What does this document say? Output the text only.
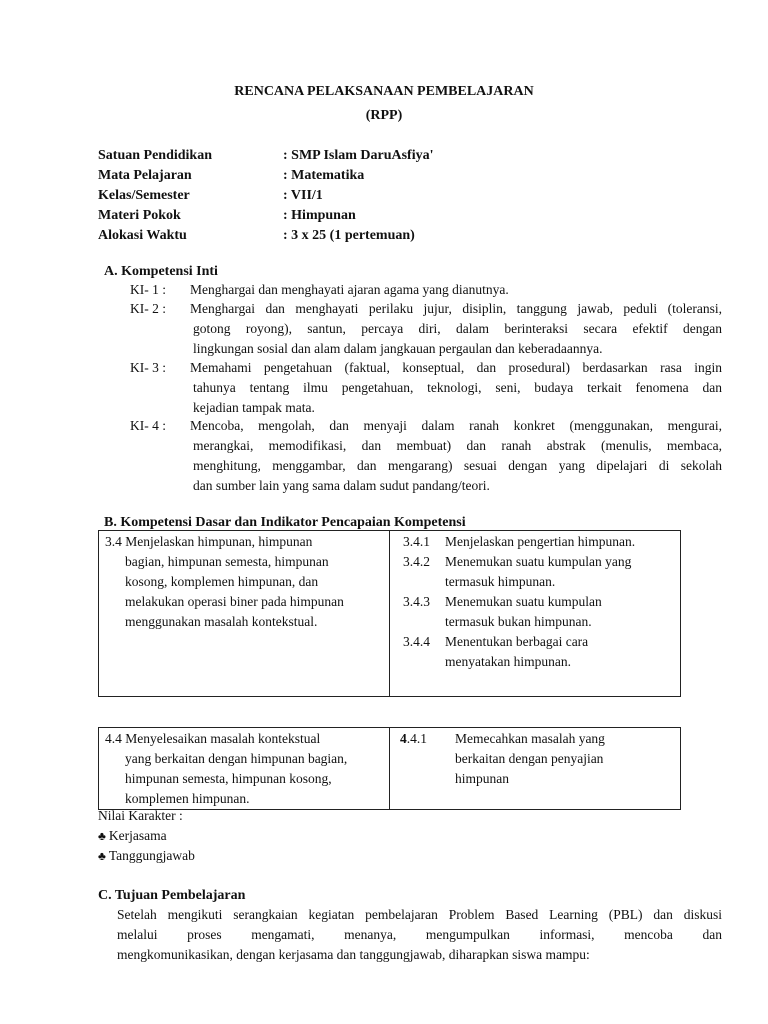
RENCANA PELAKSANAAN PEMBELAJARAN
(RPP)
Satuan Pendidikan	: SMP Islam DaruAsfiya'
Mata Pelajaran	: Matematika
Kelas/Semester	: VII/1
Materi Pokok	: Himpunan
Alokasi Waktu	: 3 x 25 (1 pertemuan)
A. Kompetensi Inti
KI- 1 : Menghargai dan menghayati ajaran agama yang dianutnya.
KI- 2 : Menghargai dan menghayati perilaku jujur, disiplin, tanggung jawab, peduli (toleransi,
gotong royong), santun, percaya diri, dalam berinteraksi secara efektif dengan
lingkungan sosial dan alam dalam jangkauan pergaulan dan keberadaannya.
KI- 3 : Memahami pengetahuan (faktual, konseptual, dan prosedural) berdasarkan rasa ingin
tahunya tentang ilmu pengetahuan, teknologi, seni, budaya terkait fenomena dan
kejadian tampak mata.
KI- 4 : Mencoba, mengolah, dan menyaji dalam ranah konkret (menggunakan, mengurai,
merangkai, memodifikasi, dan membuat) dan ranah abstrak (menulis, membaca,
menghitung, menggambar, dan mengarang) sesuai dengan yang dipelajari di sekolah
dan sumber lain yang sama dalam sudut pandang/teori.
B. Kompetensi Dasar dan Indikator Pencapaian Kompetensi
3.4 Menjelaskan himpunan, himpunan
bagian, himpunan semesta, himpunan
kosong, komplemen himpunan, dan
melakukan operasi biner pada himpunan
menggunakan masalah kontekstual.

3.4.1 Menjelaskan pengertian himpunan.
3.4.2 Menemukan suatu kumpulan yang
termasuk himpunan.
3.4.3 Menemukan suatu kumpulan
termasuk bukan himpunan.
3.4.4 Menentukan berbagai cara
menyatakan himpunan.
4.4 Menyelesaikan masalah kontekstual
yang berkaitan dengan himpunan bagian,
himpunan semesta, himpunan kosong,
komplemen himpunan.

4.4.1 Memecahkan masalah yang
berkaitan dengan penyajian
himpunan
Nilai Karakter :
♣ Kerjasama
♣ Tanggungjawab
C. Tujuan Pembelajaran
Setelah mengikuti serangkaian kegiatan pembelajaran Problem Based Learning (PBL) dan diskusi
melalui proses mengamati, menanya, mengumpulkan informasi, mencoba dan
mengkomunikasikan, dengan kerjasama dan tanggungjawab, diharapkan siswa mampu:
